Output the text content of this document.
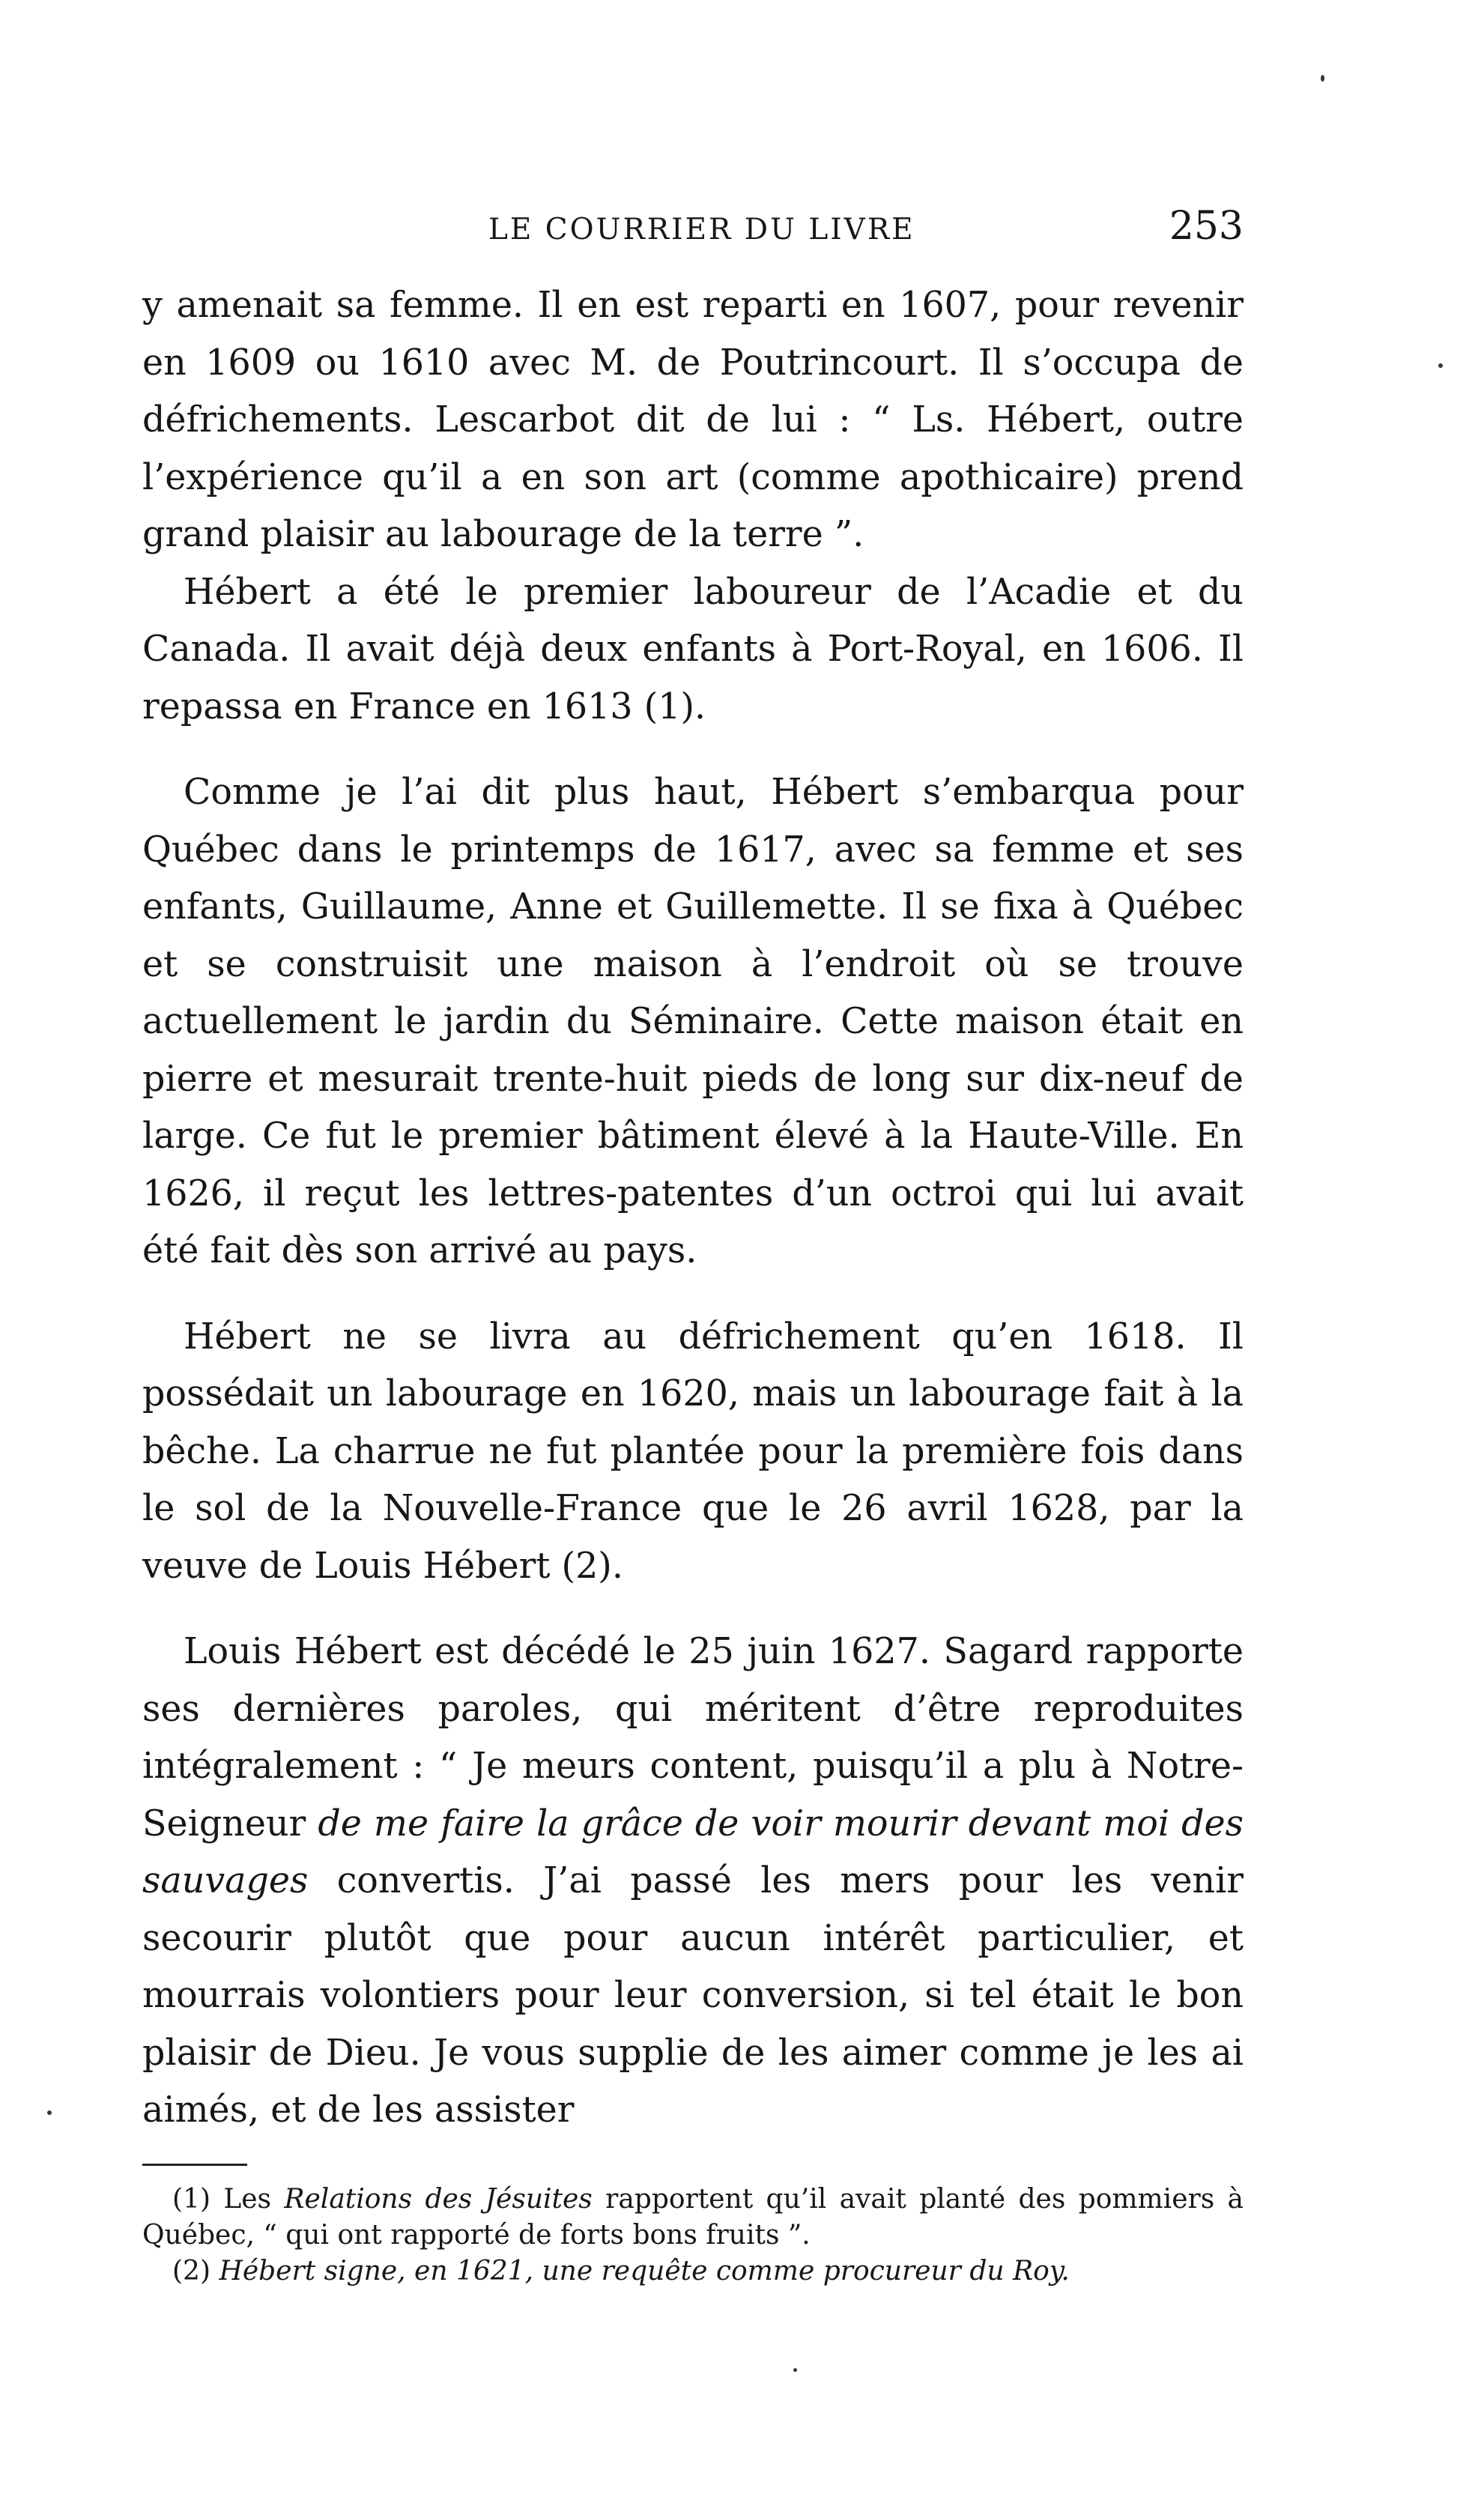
LE COURRIER DU LIVRE	253

y amenait sa femme. Il en est reparti en 1607, pour revenir en 1609 ou 1610 avec M. de Poutrincourt. Il s’occupa de défrichements. Lescarbot dit de lui : “ Ls. Hébert, outre l’expérience qu’il a en son art (comme apothicaire) prend grand plaisir au labourage de la terre ”.

Hébert a été le premier laboureur de l’Acadie et du Canada. Il avait déjà deux enfants à Port-Royal, en 1606. Il repassa en France en 1613 (1).

Comme je l’ai dit plus haut, Hébert s’embarqua pour Québec dans le printemps de 1617, avec sa femme et ses enfants, Guillaume, Anne et Guillemette. Il se fixa à Québec et se construisit une maison à l’endroit où se trouve actuellement le jardin du Séminaire. Cette maison était en pierre et mesurait trente-huit pieds de long sur dix-neuf de large. Ce fut le premier bâtiment élevé à la Haute-Ville. En 1626, il reçut les lettres-patentes d’un octroi qui lui avait été fait dès son arrivé au pays.

Hébert ne se livra au défrichement qu’en 1618. Il possédait un labourage en 1620, mais un labourage fait à la bêche. La charrue ne fut plantée pour la première fois dans le sol de la Nouvelle-France que le 26 avril 1628, par la veuve de Louis Hébert (2).

Louis Hébert est décédé le 25 juin 1627. Sagard rapporte ses dernières paroles, qui méritent d’être reproduites intégralement : “ Je meurs content, puisqu’il a plu à Notre-Seigneur de me faire la grâce de voir mourir devant moi des sauvages convertis. J’ai passé les mers pour les venir secourir plutôt que pour aucun intérêt particulier, et mourrais volontiers pour leur conversion, si tel était le bon plaisir de Dieu. Je vous supplie de les aimer comme je les ai aimés, et de les assister

(1) Les Relations des Jésuites rapportent qu’il avait planté des pommiers à Québec, “ qui ont rapporté de forts bons fruits ”.

(2) Hébert signe, en 1621, une requête comme procureur du Roy.
